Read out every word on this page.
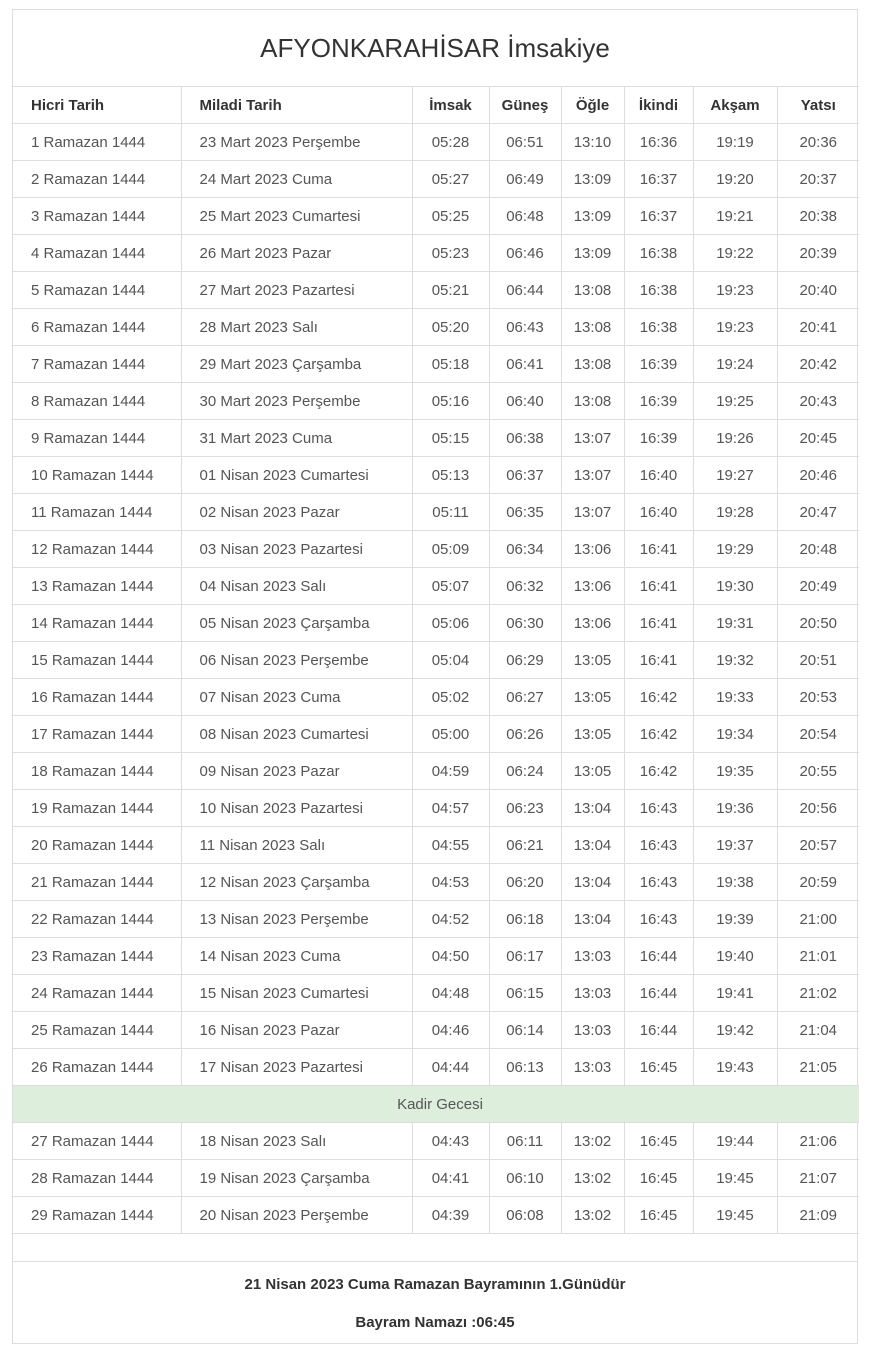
AFYONKARAHİSAR İmsakiye
Hicri Tarih	Miladi Tarih	İmsak	Güneş	Öğle	İkindi	Akşam	Yatsı
1 Ramazan 1444	23 Mart 2023 Perşembe	05:28	06:51	13:10	16:36	19:19	20:36
2 Ramazan 1444	24 Mart 2023 Cuma	05:27	06:49	13:09	16:37	19:20	20:37
3 Ramazan 1444	25 Mart 2023 Cumartesi	05:25	06:48	13:09	16:37	19:21	20:38
4 Ramazan 1444	26 Mart 2023 Pazar	05:23	06:46	13:09	16:38	19:22	20:39
5 Ramazan 1444	27 Mart 2023 Pazartesi	05:21	06:44	13:08	16:38	19:23	20:40
6 Ramazan 1444	28 Mart 2023 Salı	05:20	06:43	13:08	16:38	19:23	20:41
7 Ramazan 1444	29 Mart 2023 Çarşamba	05:18	06:41	13:08	16:39	19:24	20:42
8 Ramazan 1444	30 Mart 2023 Perşembe	05:16	06:40	13:08	16:39	19:25	20:43
9 Ramazan 1444	31 Mart 2023 Cuma	05:15	06:38	13:07	16:39	19:26	20:45
10 Ramazan 1444	01 Nisan 2023 Cumartesi	05:13	06:37	13:07	16:40	19:27	20:46
11 Ramazan 1444	02 Nisan 2023 Pazar	05:11	06:35	13:07	16:40	19:28	20:47
12 Ramazan 1444	03 Nisan 2023 Pazartesi	05:09	06:34	13:06	16:41	19:29	20:48
13 Ramazan 1444	04 Nisan 2023 Salı	05:07	06:32	13:06	16:41	19:30	20:49
14 Ramazan 1444	05 Nisan 2023 Çarşamba	05:06	06:30	13:06	16:41	19:31	20:50
15 Ramazan 1444	06 Nisan 2023 Perşembe	05:04	06:29	13:05	16:41	19:32	20:51
16 Ramazan 1444	07 Nisan 2023 Cuma	05:02	06:27	13:05	16:42	19:33	20:53
17 Ramazan 1444	08 Nisan 2023 Cumartesi	05:00	06:26	13:05	16:42	19:34	20:54
18 Ramazan 1444	09 Nisan 2023 Pazar	04:59	06:24	13:05	16:42	19:35	20:55
19 Ramazan 1444	10 Nisan 2023 Pazartesi	04:57	06:23	13:04	16:43	19:36	20:56
20 Ramazan 1444	11 Nisan 2023 Salı	04:55	06:21	13:04	16:43	19:37	20:57
21 Ramazan 1444	12 Nisan 2023 Çarşamba	04:53	06:20	13:04	16:43	19:38	20:59
22 Ramazan 1444	13 Nisan 2023 Perşembe	04:52	06:18	13:04	16:43	19:39	21:00
23 Ramazan 1444	14 Nisan 2023 Cuma	04:50	06:17	13:03	16:44	19:40	21:01
24 Ramazan 1444	15 Nisan 2023 Cumartesi	04:48	06:15	13:03	16:44	19:41	21:02
25 Ramazan 1444	16 Nisan 2023 Pazar	04:46	06:14	13:03	16:44	19:42	21:04
26 Ramazan 1444	17 Nisan 2023 Pazartesi	04:44	06:13	13:03	16:45	19:43	21:05
Kadir Gecesi							
27 Ramazan 1444	18 Nisan 2023 Salı	04:43	06:11	13:02	16:45	19:44	21:06
28 Ramazan 1444	19 Nisan 2023 Çarşamba	04:41	06:10	13:02	16:45	19:45	21:07
29 Ramazan 1444	20 Nisan 2023 Perşembe	04:39	06:08	13:02	16:45	19:45	21:09
21 Nisan 2023 Cuma Ramazan Bayramının 1.Günüdür
Bayram Namazı :06:45
